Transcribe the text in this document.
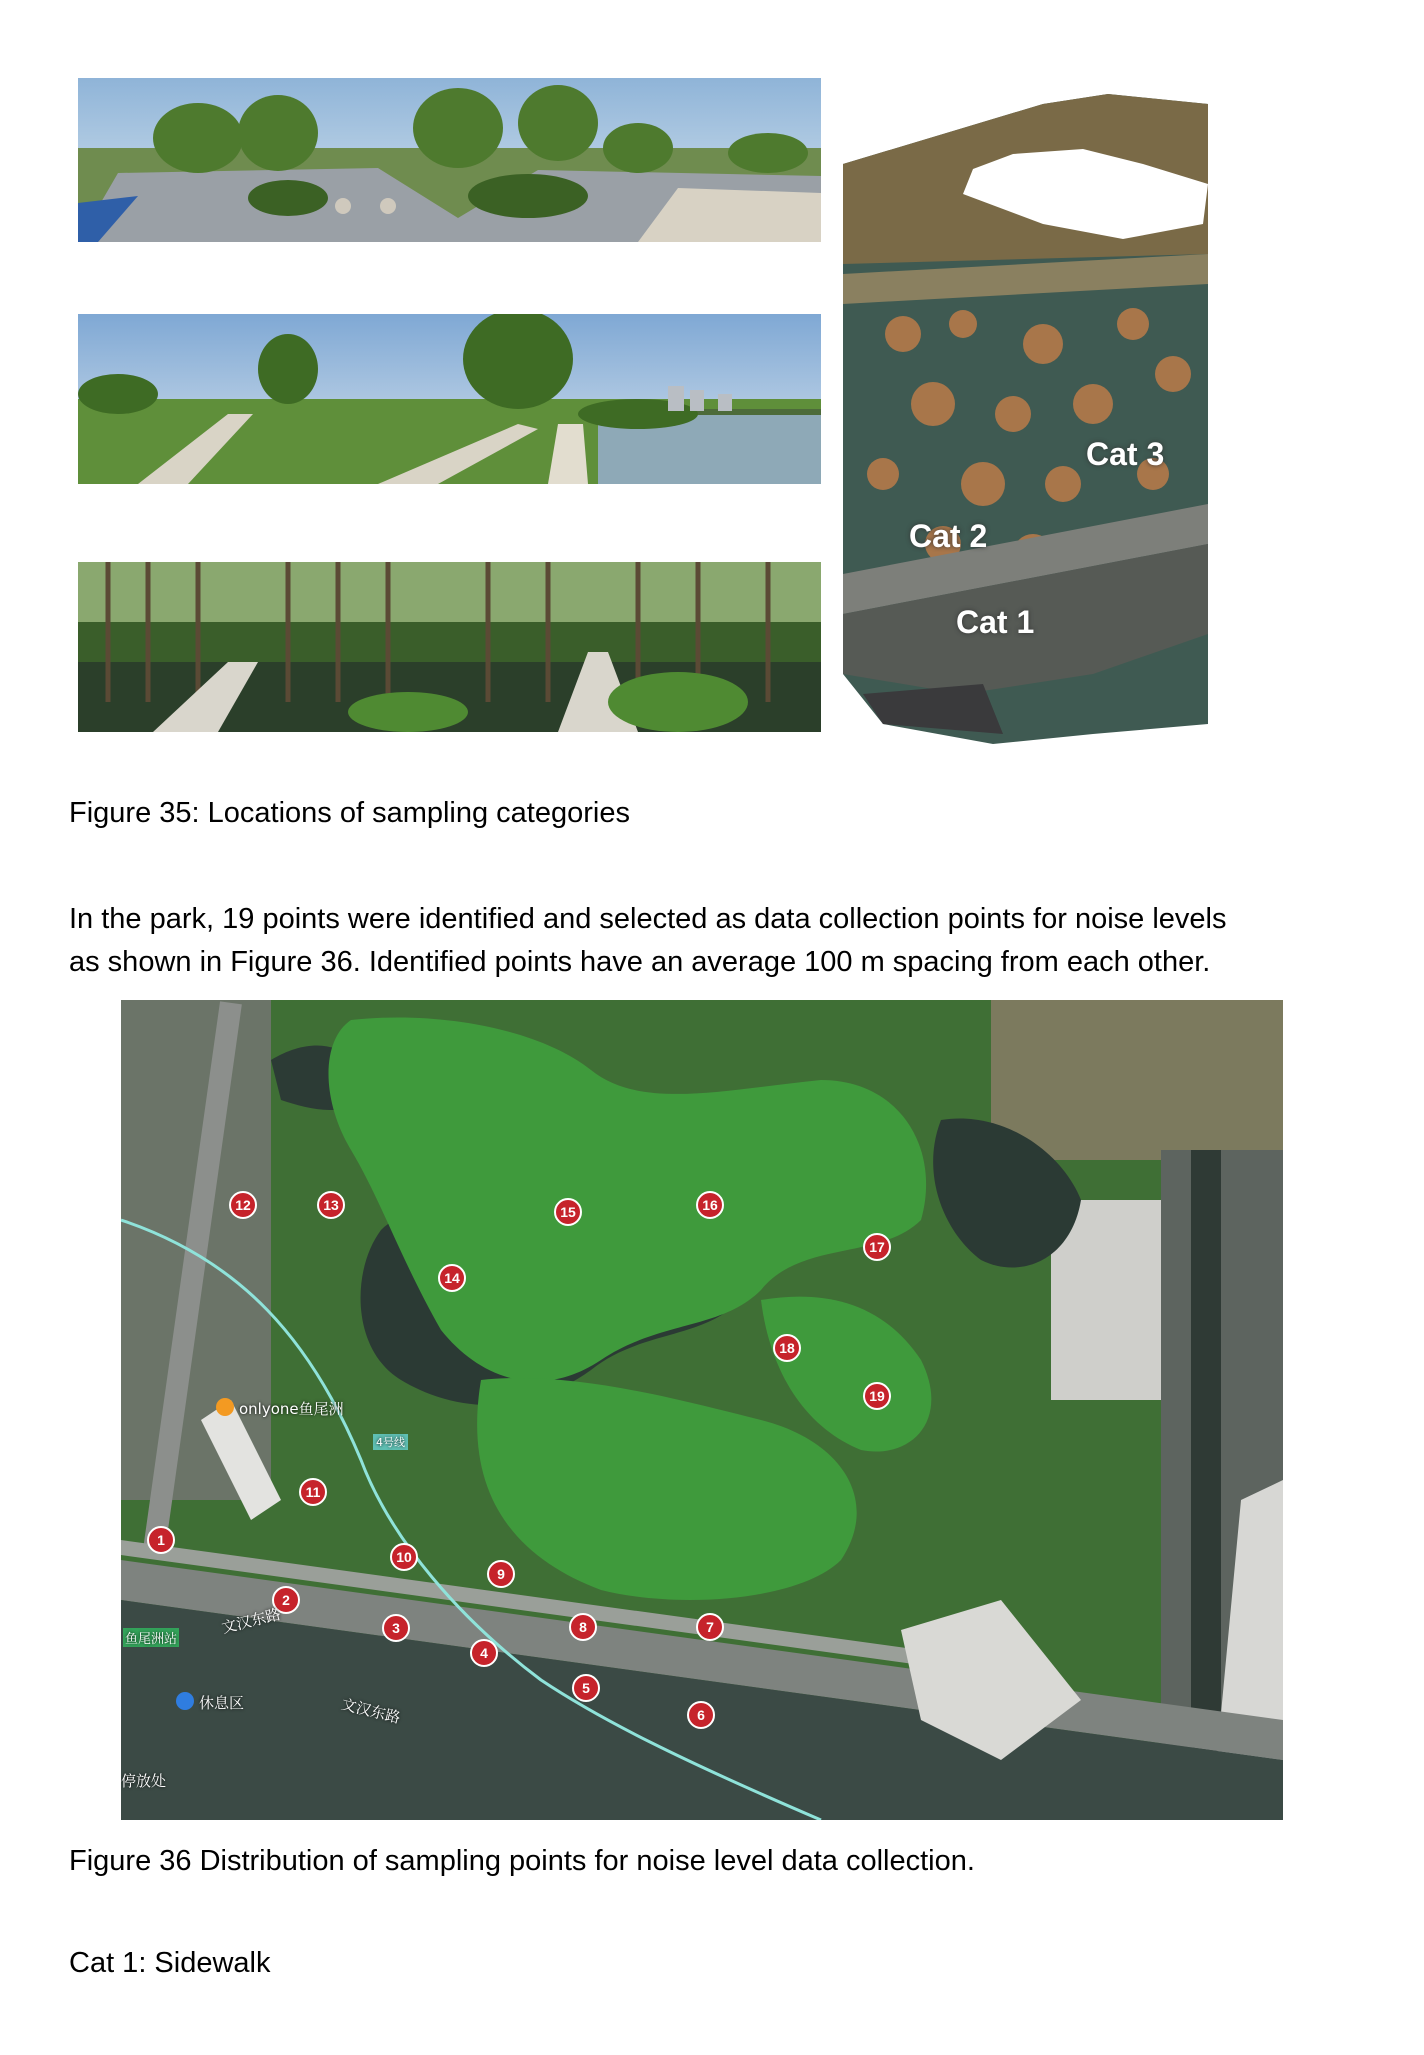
Cat 3
Cat 2
Cat 1
Figure 35: Locations of sampling categories
In the park, 19 points were identified and selected as data collection points for noise levels
as shown in Figure 36. Identified points have an average 100 m spacing from each other.
1
2
3
4
5
6
7
8
9
10
11
12	13
14
15	16
17
18
19
onlyone鱼尾洲
4号线
休息区
鱼尾洲站
文汉东路
文汉东路
停放处
Figure 36 Distribution of sampling points for noise level data collection.
Cat 1: Sidewalk
